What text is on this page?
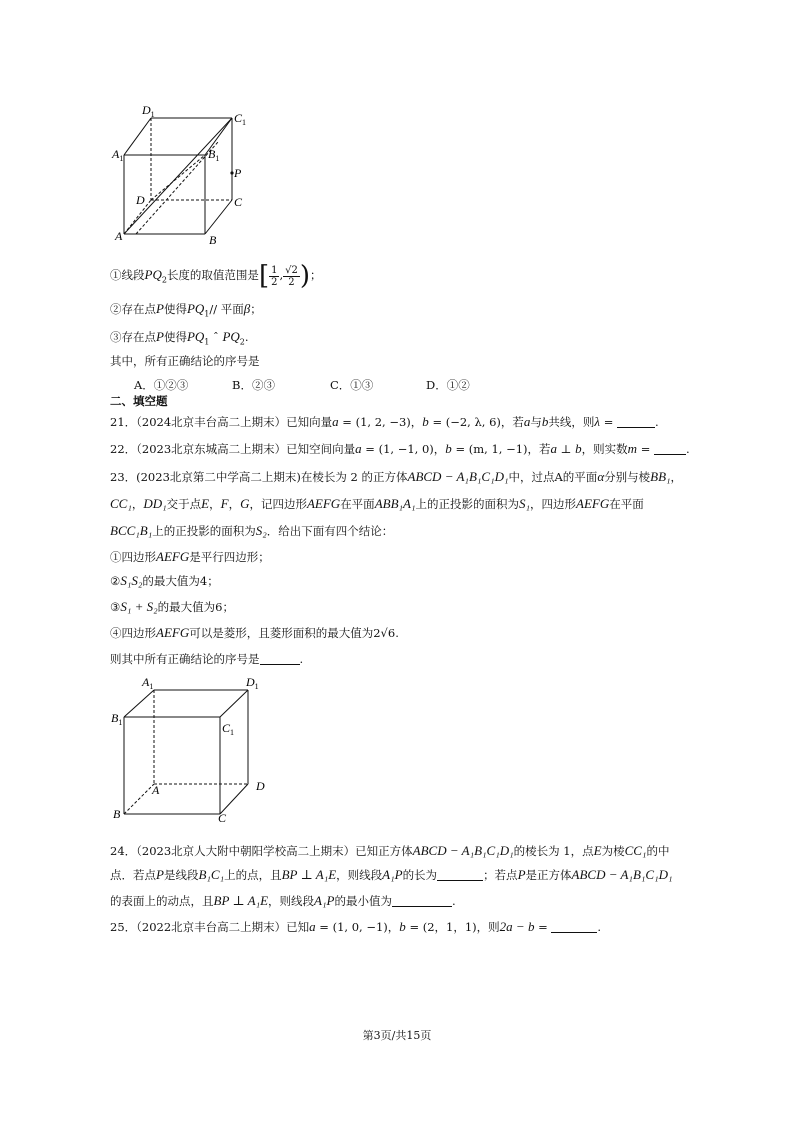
$D_1$	$C_1$
$A_1$	$B_1$
P
D	C
A	B
①线段$PQ_2$长度的取值范围是[ $\frac{1}{2}$ , $\frac{√2}{2}$ )；
②存在点P使得$PQ_1//$ 平面β；
③存在点P使得$PQ_1$ ˆ $PQ_2$.
其中，所有正确结论的序号是
A．①②③	B．②③	C．①③	D．①②
二、填空题
21．（2024北京丰台高二上期末）已知向量a = (1, 2, −3)，b = (−2, λ, 6)，若a与b共线，则λ =	.
22．（2023北京东城高二上期末）已知空间向量a = (1, −1, 0)，b = (m, 1, −1)，若a ⊥ b，则实数m =	.
23．(2023北京第二中学高二上期末)在棱长为 2 的正方体ABCD − A₁B₁C₁D₁中，过点A的平面α分别与棱BB₁，
CC₁，DD₁交于点E，F，G，记四边形AEFG在平面ABB₁A₁上的正投影的面积为S₁，四边形AEFG在平面
BCC₁B₁上的正投影的面积为S₂．给出下面有四个结论：
①四边形AEFG是平行四边形；
②S₁S₂的最大值为4；
③S₁ + S₂的最大值为6；
④四边形AEFG可以是菱形，且菱形面积的最大值为2√6.
则其中所有正确结论的序号是	.
$A_1$	$D_1$
$B_1$	$C_1$
A	D
B	C
24．（2023北京人大附中朝阳学校高二上期末）已知正方体ABCD − A₁B₁C₁D₁的棱长为 1，点E为棱CC₁的中
点．若点P是线段B₁C₁上的点，且BP ⊥ A₁E，则线段A₁P的长为	；若点P是正方体ABCD − A₁B₁C₁D₁
的表面上的动点，且BP ⊥ A₁E，则线段A₁P的最小值为	.
25．（2022北京丰台高二上期末）已知a = (1, 0, −1)，b = (2，1，1)，则2a − b =	.
第3页/共15页
